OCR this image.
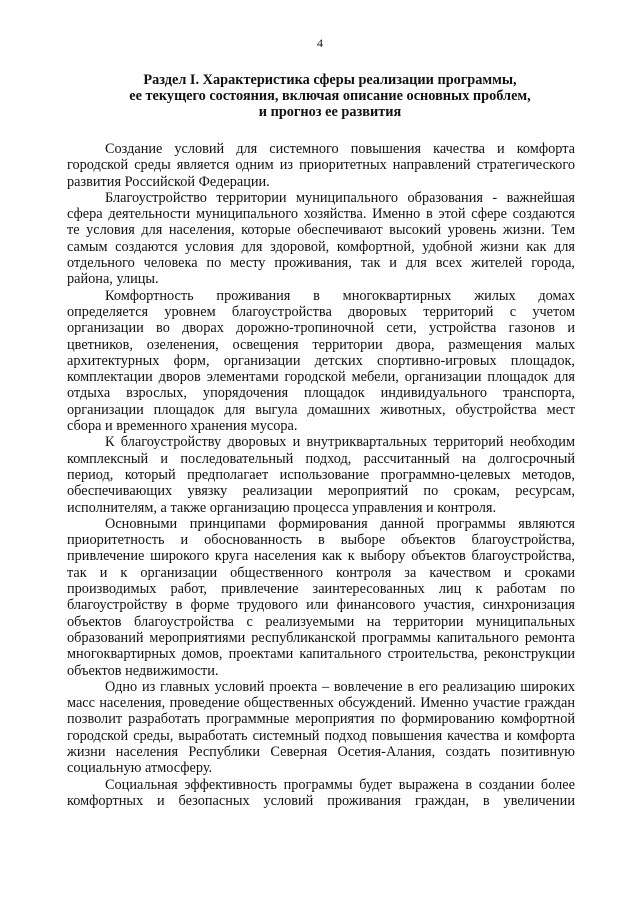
4
Раздел I. Характеристика сферы реализации программы,
ее текущего состояния, включая описание основных проблем,
и прогноз ее развития
Создание условий для системного повышения качества и комфорта
городской среды является одним из приоритетных направлений стратегического
развития Российской Федерации.
Благоустройство территории муниципального образования - важнейшая
сфера деятельности муниципального хозяйства. Именно в этой сфере создаются
те условия для населения, которые обеспечивают высокий уровень жизни. Тем
самым создаются условия для здоровой, комфортной, удобной жизни как для
отдельного человека по месту проживания, так и для всех жителей города,
района, улицы.
Комфортность проживания в многоквартирных жилых домах
определяется уровнем благоустройства дворовых территорий с учетом
организации во дворах дорожно-тропиночной сети, устройства газонов и
цветников, озеленения, освещения территории двора, размещения малых
архитектурных форм, организации детских спортивно-игровых площадок,
комплектации дворов элементами городской мебели, организации площадок для
отдыха взрослых, упорядочения площадок индивидуального транспорта,
организации площадок для выгула домашних животных, обустройства мест
сбора и временного хранения мусора.
К благоустройству дворовых и внутриквартальных территорий необходим
комплексный и последовательный подход, рассчитанный на долгосрочный
период, который предполагает использование программно-целевых методов,
обеспечивающих увязку реализации мероприятий по срокам, ресурсам,
исполнителям, а также организацию процесса управления и контроля.
Основными принципами формирования данной программы являются
приоритетность и обоснованность в выборе объектов благоустройства,
привлечение широкого круга населения как к выбору объектов благоустройства,
так и к организации общественного контроля за качеством и сроками
производимых работ, привлечение заинтересованных лиц к работам по
благоустройству в форме трудового или финансового участия, синхронизация
объектов благоустройства с реализуемыми на территории муниципальных
образований мероприятиями республиканской программы капитального ремонта
многоквартирных домов, проектами капитального строительства, реконструкции
объектов недвижимости.
Одно из главных условий проекта – вовлечение в его реализацию широких
масс населения, проведение общественных обсуждений. Именно участие граждан
позволит разработать программные мероприятия по формированию комфортной
городской среды, выработать системный подход повышения качества и комфорта
жизни населения Республики Северная Осетия-Алания, создать позитивную
социальную атмосферу.
Социальная эффективность программы будет выражена в создании более
комфортных и безопасных условий проживания граждан, в увеличении
